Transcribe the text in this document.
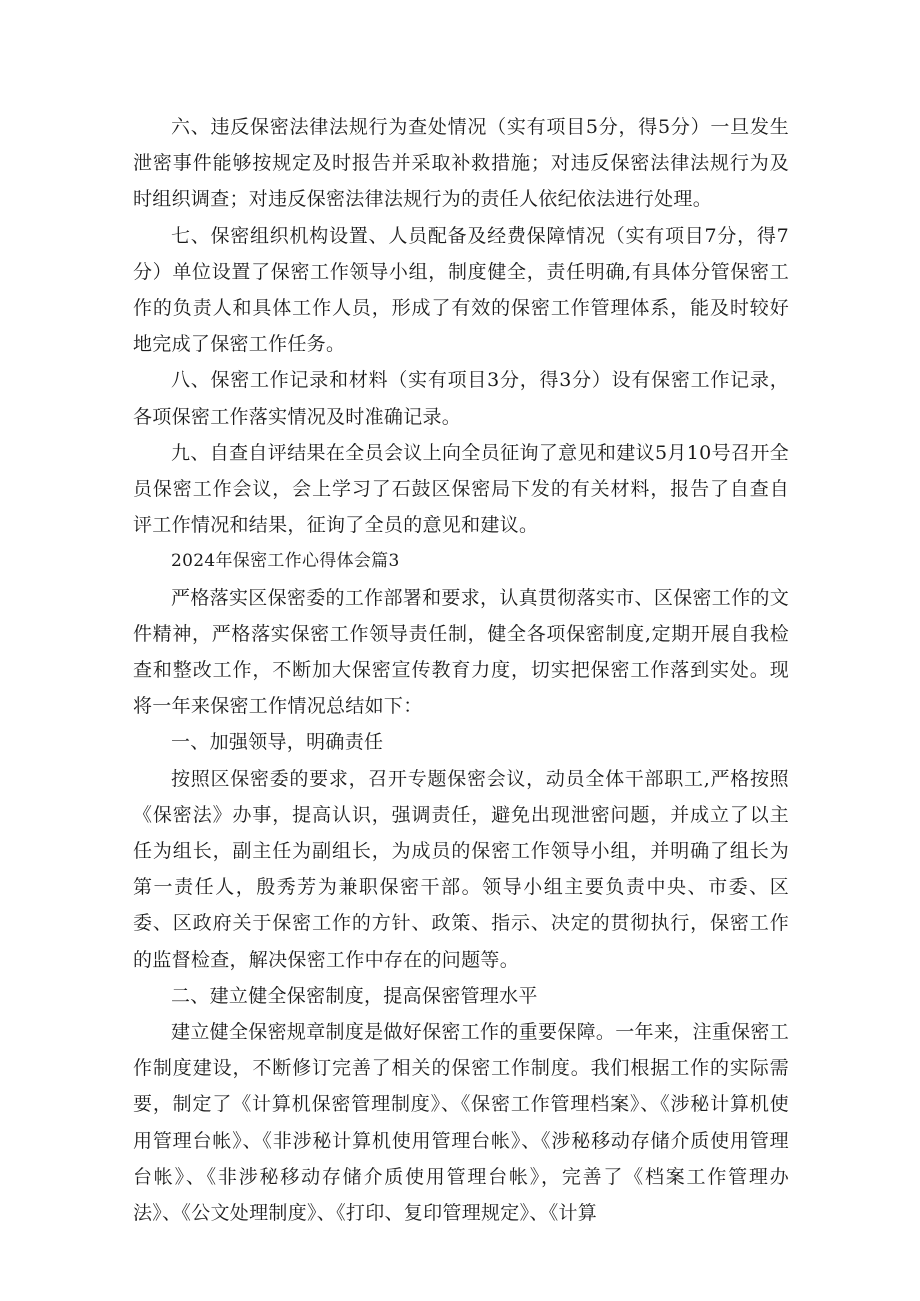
六、违反保密法律法规行为查处情况（实有项目5分，得5分）一旦发生泄密事件能够按规定及时报告并采取补救措施；对违反保密法律法规行为及时组织调查；对违反保密法律法规行为的责任人依纪依法进行处理。

七、保密组织机构设置、人员配备及经费保障情况（实有项目7分，得7分）单位设置了保密工作领导小组，制度健全，责任明确,有具体分管保密工作的负责人和具体工作人员，形成了有效的保密工作管理体系，能及时较好地完成了保密工作任务。

八、保密工作记录和材料（实有项目3分，得3分）设有保密工作记录，各项保密工作落实情况及时准确记录。

九、自查自评结果在全员会议上向全员征询了意见和建议5月10号召开全员保密工作会议，会上学习了石鼓区保密局下发的有关材料，报告了自查自评工作情况和结果，征询了全员的意见和建议。

2024年保密工作心得体会篇3

严格落实区保密委的工作部署和要求，认真贯彻落实市、区保密工作的文件精神，严格落实保密工作领导责任制，健全各项保密制度,定期开展自我检查和整改工作，不断加大保密宣传教育力度，切实把保密工作落到实处。现将一年来保密工作情况总结如下：

一、加强领导，明确责任

按照区保密委的要求，召开专题保密会议，动员全体干部职工,严格按照《保密法》办事，提高认识，强调责任，避免出现泄密问题，并成立了以主任为组长，副主任为副组长，为成员的保密工作领导小组，并明确了组长为第一责任人，殷秀芳为兼职保密干部。领导小组主要负责中央、市委、区委、区政府关于保密工作的方针、政策、指示、决定的贯彻执行，保密工作的监督检查，解决保密工作中存在的问题等。

二、建立健全保密制度，提高保密管理水平

建立健全保密规章制度是做好保密工作的重要保障。一年来，注重保密工作制度建设，不断修订完善了相关的保密工作制度。我们根据工作的实际需要，制定了《计算机保密管理制度》、《保密工作管理档案》、《涉秘计算机使用管理台帐》、《非涉秘计算机使用管理台帐》、《涉秘移动存储介质使用管理台帐》、《非涉秘移动存储介质使用管理台帐》，完善了《档案工作管理办法》、《公文处理制度》、《打印、复印管理规定》、《计算
